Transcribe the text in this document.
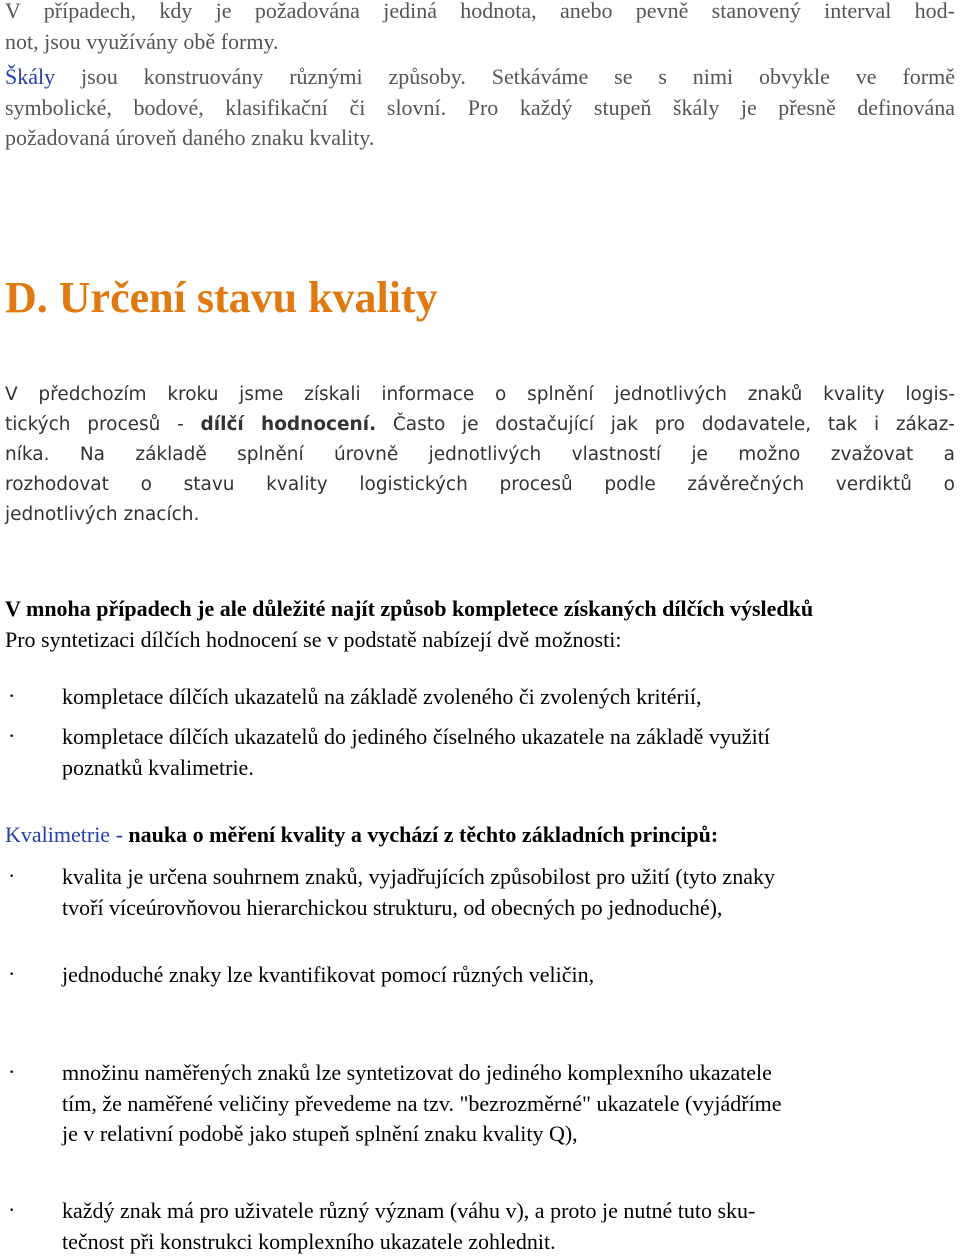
V případech, kdy je požadována jediná hodnota, anebo pevně stanovený interval hod-
not, jsou využívány obě formy.
Škály jsou konstruovány různými způsoby. Setkáváme se s nimi obvykle ve formě
symbolické, bodové, klasifikační či slovní. Pro každý stupeň škály je přesně definována
požadovaná úroveň daného znaku kvality.
D. Určení stavu kvality
V předchozím kroku jsme získali informace o splnění jednotlivých znaků kvality logis-
tických procesů - dílčí hodnocení. Často je dostačující jak pro dodavatele, tak i zákaz-
níka. Na základě splnění úrovně jednotlivých vlastností je možno zvažovat a
rozhodovat o stavu kvality logistických procesů podle závěrečných verdiktů o
jednotlivých znacích.
V mnoha případech je ale důležité najít způsob kompletece získaných dílčích výsledků
Pro syntetizaci dílčích hodnocení se v podstatě nabízejí dvě možnosti:
· kompletace dílčích ukazatelů na základě zvoleného či zvolených kritérií,
· kompletace dílčích ukazatelů do jediného číselného ukazatele na základě využití
poznatků kvalimetrie.
Kvalimetrie - nauka o měření kvality a vychází z těchto základních principů:
· kvalita je určena souhrnem znaků, vyjadřujících způsobilost pro užití (tyto znaky
tvoří víceúrovňovou hierarchickou strukturu, od obecných po jednoduché),
· jednoduché znaky lze kvantifikovat pomocí různých veličin,
· množinu naměřených znaků lze syntetizovat do jediného komplexního ukazatele
tím, že naměřené veličiny převedeme na tzv. "bezrozměrné" ukazatele (vyjádříme
je v relativní podobě jako stupeň splnění znaku kvality Q),
· každý znak má pro uživatele různý význam (váhu v), a proto je nutné tuto sku-
tečnost při konstrukci komplexního ukazatele zohlednit.
